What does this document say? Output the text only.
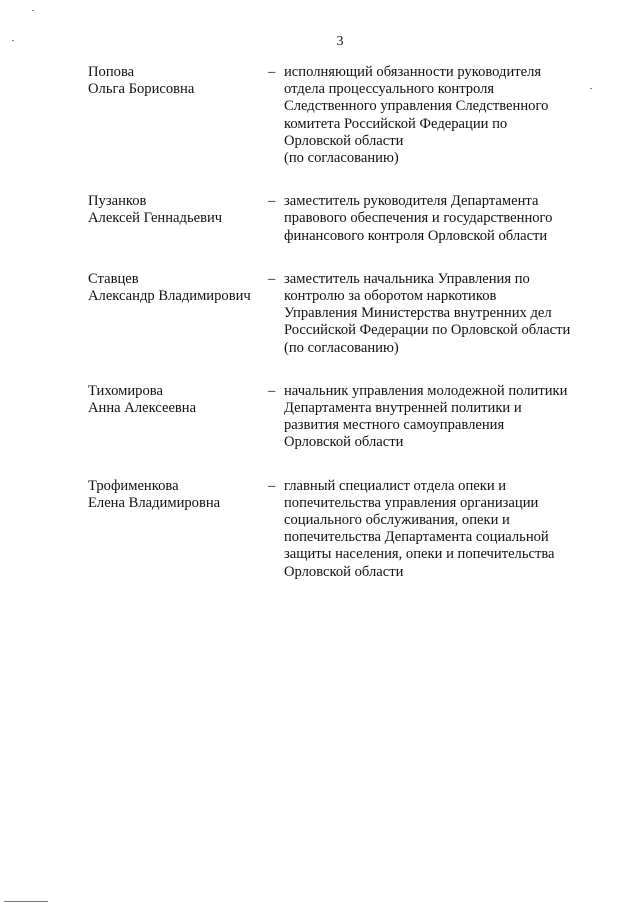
3
Попова
Ольга Борисовна
– исполняющий обязанности руководителя
отдела процессуального контроля
Следственного управления Следственного
комитета Российской Федерации по
Орловской области
(по согласованию)
Пузанков
Алексей Геннадьевич
– заместитель руководителя Департамента
правового обеспечения и государственного
финансового контроля Орловской области
Ставцев
Александр Владимирович
– заместитель начальника Управления по
контролю за оборотом наркотиков
Управления Министерства внутренних дел
Российской Федерации по Орловской области
(по согласованию)
Тихомирова
Анна Алексеевна
– начальник управления молодежной политики
Департамента внутренней политики и
развития местного самоуправления
Орловской области
Трофименкова
Елена Владимировна
– главный специалист отдела опеки и
попечительства управления организации
социального обслуживания, опеки и
попечительства Департамента социальной
защиты населения, опеки и попечительства
Орловской области
